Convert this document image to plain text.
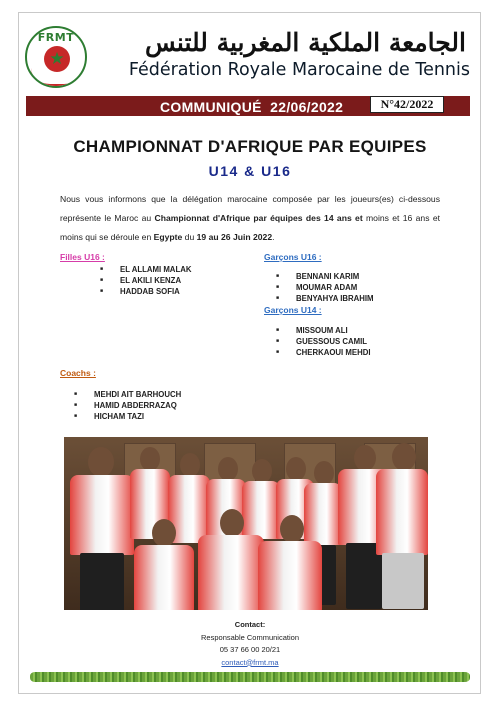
FRMT
★
الجامعة الملكية المغربية للتنس
Fédération Royale Marocaine de Tennis
COMMUNIQUÉ  22/06/2022	N°42/2022
CHAMPIONNAT D'AFRIQUE PAR EQUIPES
U14 & U16
Nous vous informons que la délégation marocaine composée par les joueurs(es) ci-dessous représente le Maroc au Championnat d'Afrique par équipes des 14 ans et moins et 16 ans et moins qui se déroule en Egypte du 19 au 26 Juin 2022.
Filles U16 :
■ EL ALLAMI MALAK
■ EL AKILI KENZA
■ HADDAB SOFIA
Garçons U16 :
■ BENNANI KARIM
■ MOUMAR ADAM
■ BENYAHYA IBRAHIM
Garçons U14 :
■ MISSOUM ALI
■ GUESSOUS CAMIL
■ CHERKAOUI MEHDI
Coachs :
■ MEHDI AIT BARHOUCH
■ HAMID ABDERRAZAQ
■ HICHAM TAZI
Contact:
Responsable Communication
05 37 66 00 20/21
contact@frmt.ma
